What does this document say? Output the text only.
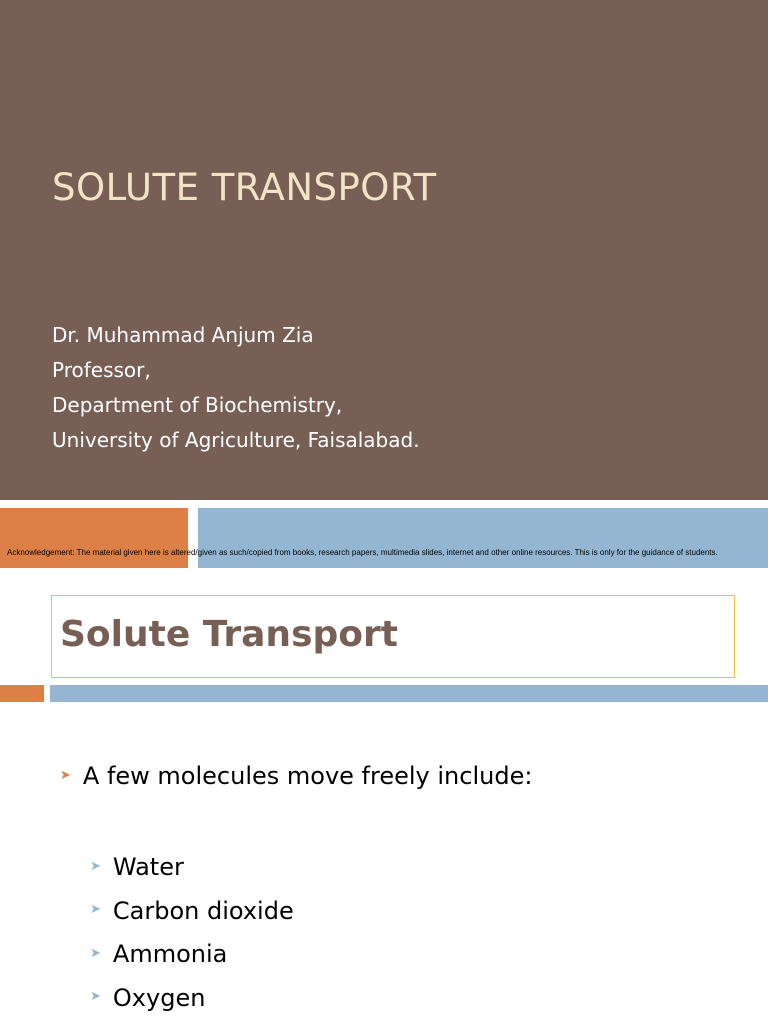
SOLUTE TRANSPORT
Dr. Muhammad Anjum Zia
Professor,
Department of Biochemistry,
University of Agriculture, Faisalabad.
Acknowledgement: The material given here is altered/given as such/copied from books, research papers, multimedia slides, internet and other online resources. This is only for the guidance of students.
Solute Transport
➤ A few molecules move freely include:
➤ Water
➤ Carbon dioxide
➤ Ammonia
➤ Oxygen
